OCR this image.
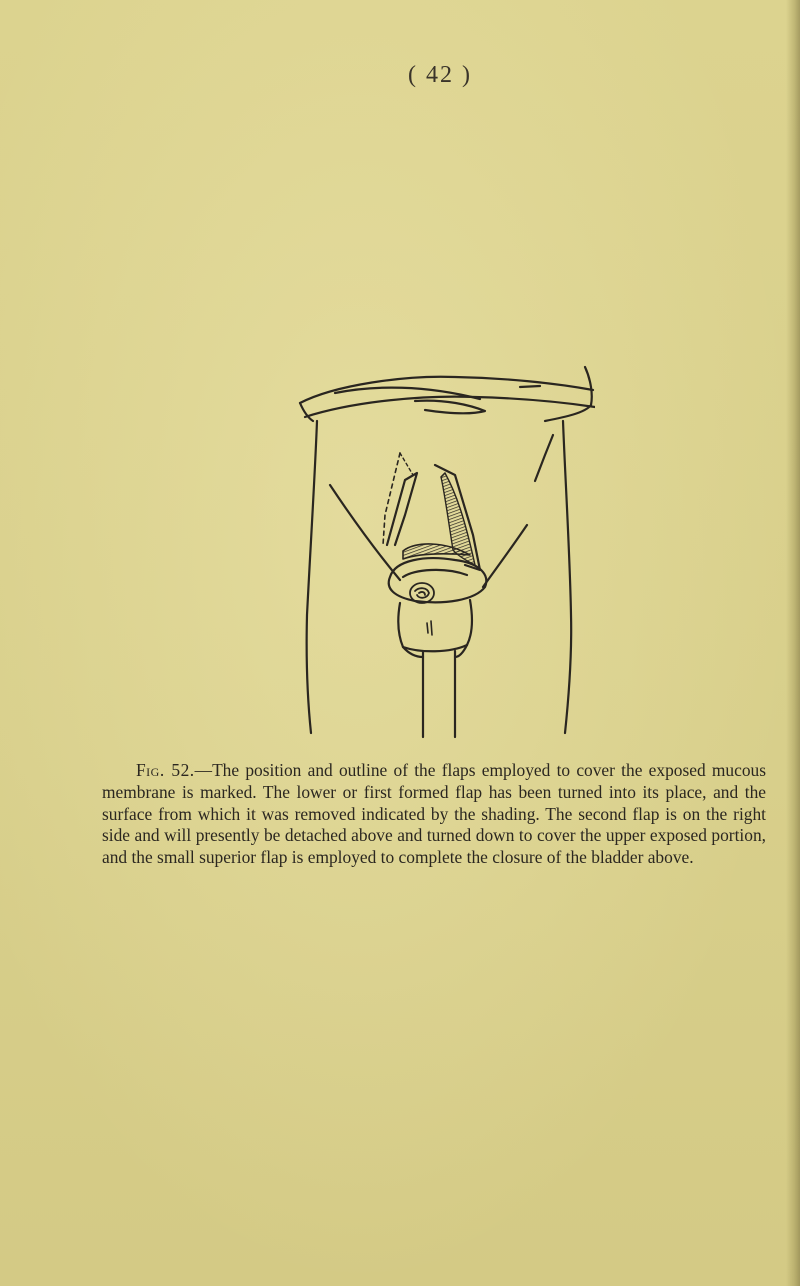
( 42 )

Fig. 52.—The position and outline of the flaps employed to cover the exposed mucous membrane is marked. The lower or first formed flap has been turned into its place, and the surface from which it was removed indicated by the shading. The second flap is on the right side and will presently be detached above and turned down to cover the upper exposed portion, and the small superior flap is employed to complete the closure of the bladder above.
